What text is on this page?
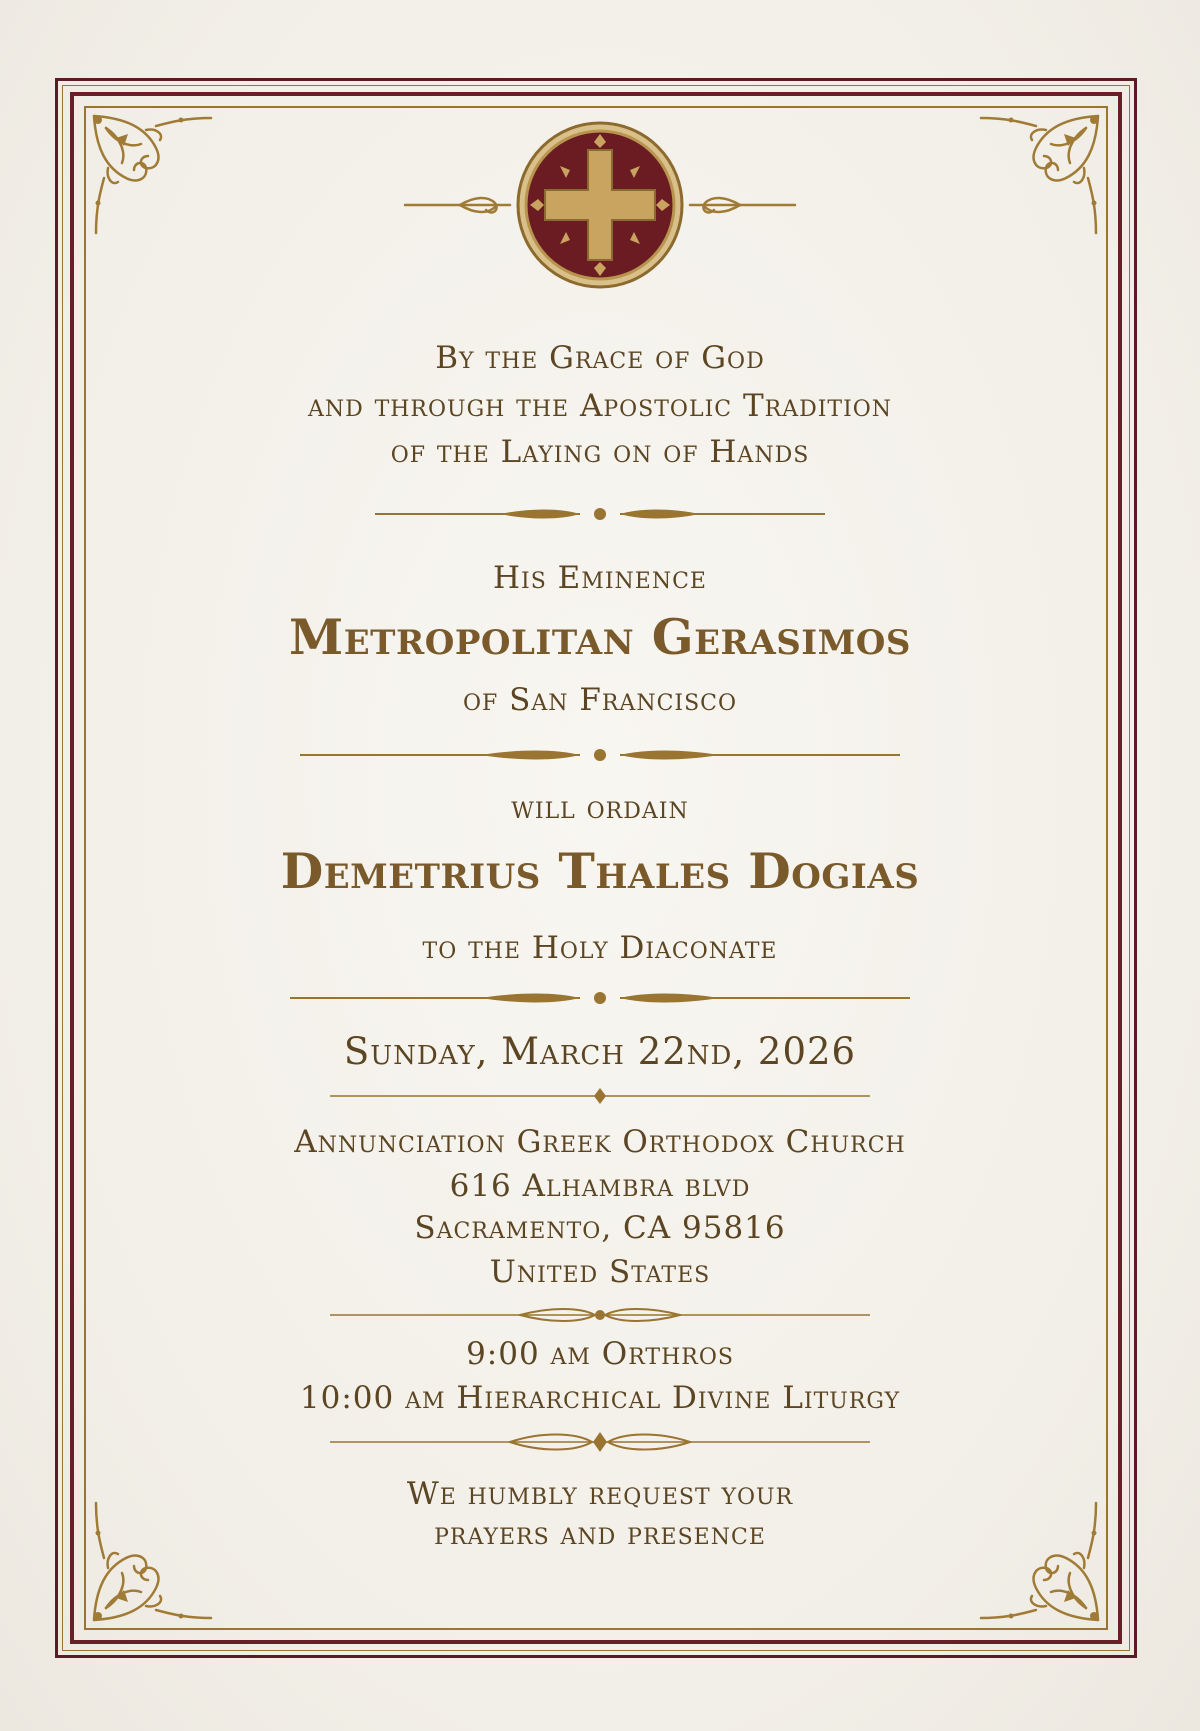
By the Grace of God
and through the Apostolic Tradition
of the Laying on of Hands
His Eminence
Metropolitan Gerasimos
of San Francisco
will ordain
Demetrius Thales Dogias
to the Holy Diaconate
Sunday, March 22nd, 2026
Annunciation Greek Orthodox Church
616 Alhambra blvd
Sacramento, CA 95816
United States
9:00 am Orthros
10:00 am Hierarchical Divine Liturgy
We humbly request your
prayers and presence
